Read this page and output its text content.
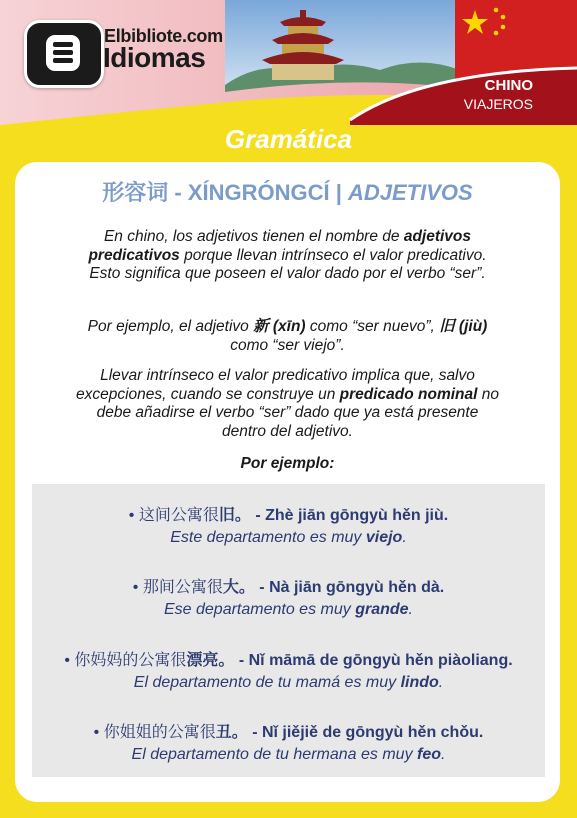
Elbibliote.com
Idiomas
CHINO
VIAJEROS
Gramática
形容词 - XÍNGRÓNGCÍ | ADJETIVOS
En chino, los adjetivos tienen el nombre de adjetivos predicativos porque llevan intrínseco el valor predicativo. Esto significa que poseen el valor dado por el verbo “ser”.
Por ejemplo, el adjetivo 新 (xīn) como “ser nuevo”, 旧 (jiù) como “ser viejo”.
Llevar intrínseco el valor predicativo implica que, salvo excepciones, cuando se construye un predicado nominal no debe añadirse el verbo “ser” dado que ya está presente dentro del adjetivo.
Por ejemplo:
• 这间公寓很旧。 - Zhè jiān gōngyù hěn jiù.
Este departamento es muy viejo.
• 那间公寓很大。 - Nà jiān gōngyù hěn dà.
Ese departamento es muy grande.
• 你妈妈的公寓很漂亮。 - Nǐ māmā de gōngyù hěn piàoliang.
El departamento de tu mamá es muy lindo.
• 你姐姐的公寓很丑。 - Nǐ jiějiě de gōngyù hěn chǒu.
El departamento de tu hermana es muy feo.
